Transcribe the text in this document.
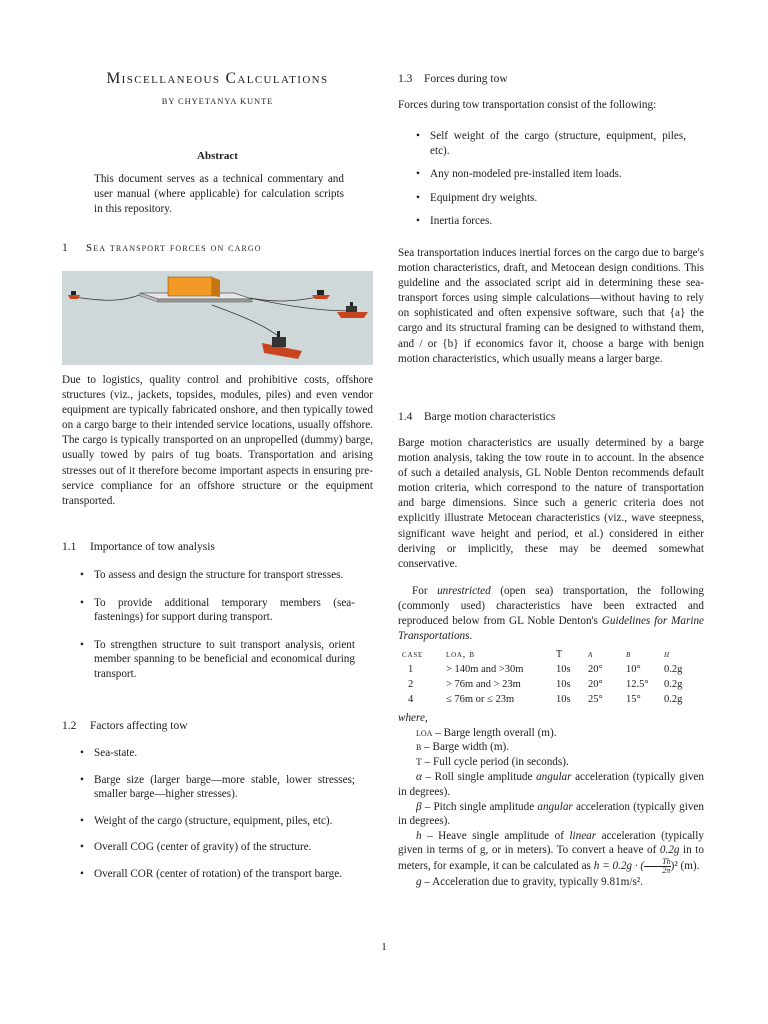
Miscellaneous Calculations
BY CHYETANYA KUNTE
Abstract
This document serves as a technical commentary and user manual (where applicable) for calculation scripts in this repository.
1	Sea transport forces on cargo
Due to logistics, quality control and prohibitive costs, offshore structures (viz., jackets, topsides, modules, piles) and even vendor equipment are typically fabricated onshore, and then typically towed on a cargo barge to their intended service locations, usually offshore. The cargo is typically transported on an unpropelled (dummy) barge, usually towed by pairs of tug boats. Transportation and arising stresses out of it therefore become important aspects in ensuring pre-service compliance for an offshore structure or the equipment transported.
1.1	Importance of tow analysis
• To assess and design the structure for transport stresses.
• To provide additional temporary members (sea-fastenings) for support during transport.
• To strengthen structure to suit transport analysis, orient member spanning to be beneficial and economical during transport.
1.2	Factors affecting tow
• Sea-state.
• Barge size (larger barge—more stable, lower stresses; smaller barge—higher stresses).
• Weight of the cargo (structure, equipment, piles, etc).
• Overall COG (center of gravity) of the structure.
• Overall COR (center of rotation) of the transport barge.
1.3	Forces during tow
Forces during tow transportation consist of the following:
• Self weight of the cargo (structure, equipment, piles, etc).
• Any non-modeled pre-installed item loads.
• Equipment dry weights.
• Inertia forces.
Sea transportation induces inertial forces on the cargo due to barge's motion characteristics, draft, and Metocean design conditions. This guideline and the associated script aid in determining these sea-transport forces using simple calculations—without having to rely on sophisticated and often expensive software, such that {a} the cargo and its structural framing can be designed to withstand them, and / or {b} if economics favor it, choose a barge with benign motion characteristics, which usually means a larger barge.
1.4	Barge motion characteristics
Barge motion characteristics are usually determined by a barge motion analysis, taking the tow route in to account. In the absence of such a detailed analysis, GL Noble Denton recommends default motion criteria, which correspond to the nature of transportation and barge dimensions. Since such a generic criteria does not explicitly illustrate Metocean characteristics (viz., wave steepness, significant wave height and period, et al.) considered in either deriving or implicitly, these may be deemed somewhat conservative.
For unrestricted (open sea) transportation, the following (commonly used) characteristics have been extracted and reproduced below from GL Noble Denton's Guidelines for Marine Transportations.
case	loa, b	T	α	β	h
1	> 140m and >30m	10s	20°	10°	0.2g
2	> 76m and > 23m	10s	20°	12.5°	0.2g
4	≤ 76m or ≤ 23m	10s	25°	15°	0.2g
where,
loa – Barge length overall (m).
b – Barge width (m).
T – Full cycle period (in seconds).
α – Roll single amplitude angular acceleration (typically given in degrees).
β – Pitch single amplitude angular acceleration (typically given in degrees).
h – Heave single amplitude of linear acceleration (typically given in terms of g, or in meters). To convert a heave of 0.2g in to meters, for example, it can be calculated as h = 0.2g · ( $\frac{Th}{2\pi} )^2$ (m).
g – Acceleration due to gravity, typically 9.81m/s².
1
